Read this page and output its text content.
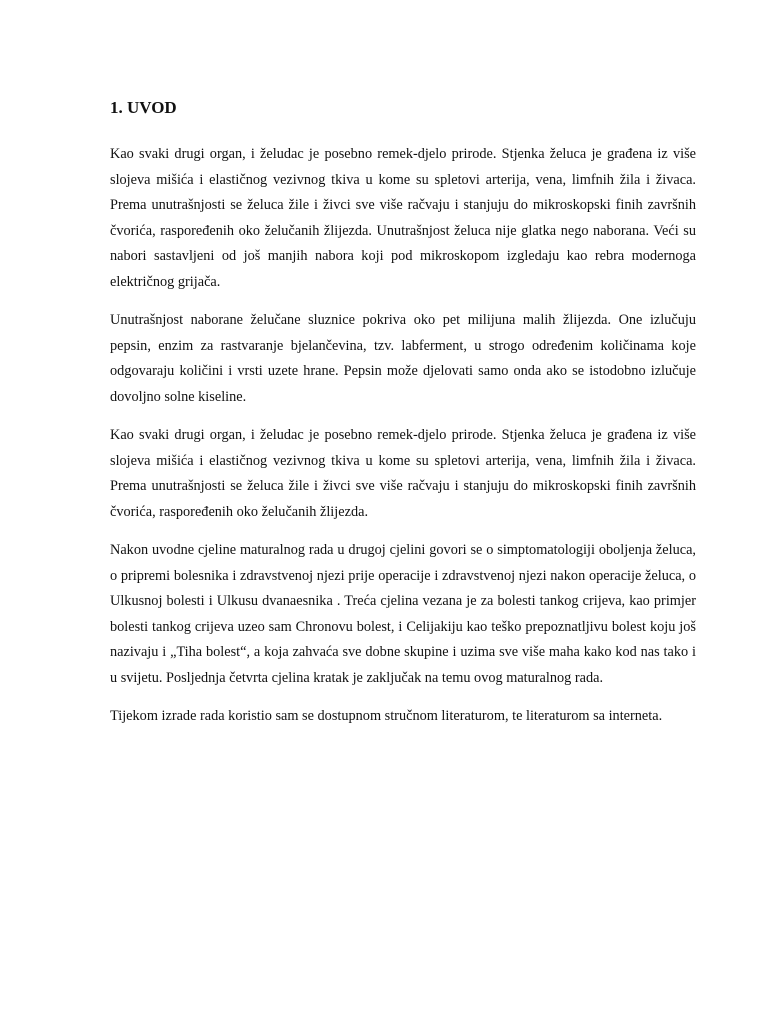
1. UVOD

Kao svaki drugi organ, i želudac je posebno remek-djelo prirode. Stjenka želuca je građena iz više slojeva mišića i elastičnog vezivnog tkiva u kome su spletovi arterija, vena, limfnih žila i živaca. Prema unutrašnjosti se želuca žile i živci sve više račvaju i stanjuju do mikroskopski finih završnih čvorića, raspoređenih oko želučanih žlijezda. Unutrašnjost želuca nije glatka nego naborana. Veći su nabori sastavljeni od još manjih nabora koji pod mikroskopom izgledaju kao rebra modernoga električnog grijača.

Unutrašnjost naborane želučane sluznice pokriva oko pet milijuna malih žlijezda. One izlučuju pepsin, enzim za rastvaranje bjelančevina, tzv. labferment, u strogo određenim količinama koje odgovaraju količini i vrsti uzete hrane. Pepsin može djelovati samo onda ako se istodobno izlučuje dovoljno solne kiseline.

Kao svaki drugi organ, i želudac je posebno remek-djelo prirode. Stjenka želuca je građena iz više slojeva mišića i elastičnog vezivnog tkiva u kome su spletovi arterija, vena, limfnih žila i živaca. Prema unutrašnjosti se želuca žile i živci sve više račvaju i stanjuju do mikroskopski finih završnih čvorića, raspoređenih oko želučanih žlijezda.

Nakon uvodne cjeline maturalnog rada u drugoj cjelini govori se o simptomatologiji oboljenja želuca, o pripremi bolesnika i zdravstvenoj njezi prije operacije i zdravstvenoj njezi nakon operacije želuca, o Ulkusnoj bolesti i Ulkusu dvanaesnika . Treća cjelina vezana je za bolesti tankog crijeva, kao primjer bolesti tankog crijeva uzeo sam Chronovu bolest, i Celijakiju kao teško prepoznatljivu bolest koju još nazivaju i „Tiha bolest“, a koja zahvaća sve dobne skupine i uzima sve više maha kako kod nas tako i u svijetu. Posljednja četvrta cjelina kratak je zaključak na temu ovog maturalnog rada.

Tijekom izrade rada koristio sam se dostupnom stručnom literaturom, te literaturom sa interneta.
